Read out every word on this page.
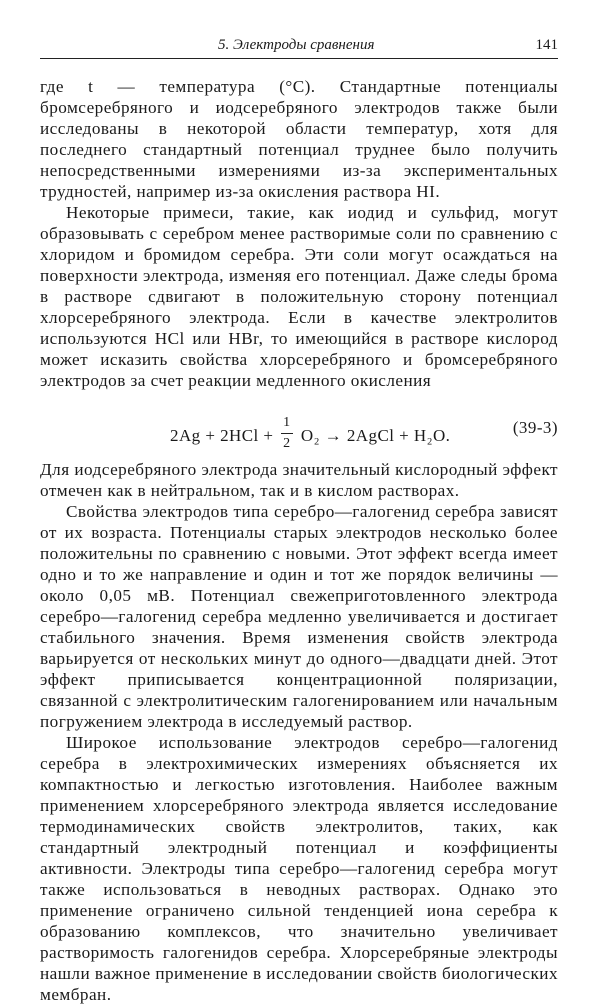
5. Электроды сравнения	141

где t — температура (°C). Стандартные потенциалы бромсеребряного и иодсеребряного электродов также были исследованы в некоторой области температур, хотя для последнего стандартный потенциал труднее было получить непосредственными измерениями из-за экспериментальных трудностей, например из-за окисления раствора HI.

Некоторые примеси, такие, как иодид и сульфид, могут образовывать с серебром менее растворимые соли по сравнению с хлоридом и бромидом серебра. Эти соли могут осаждаться на поверхности электрода, изменяя его потенциал. Даже следы брома в растворе сдвигают в положительную сторону потенциал хлорсеребряного электрода. Если в качестве электролитов используются HCl или HBr, то имеющийся в растворе кислород может исказить свойства хлорсеребряного и бромсеребряного электродов за счет реакции медленного окисления

$2Ag + 2HCl + \frac{1}{2} O_2$ → 2AgCl + H₂O.	(39-3)

Для иодсеребряного электрода значительный кислородный эффект отмечен как в нейтральном, так и в кислом растворах.

Свойства электродов типа серебро—галогенид серебра зависят от их возраста. Потенциалы старых электродов несколько более положительны по сравнению с новыми. Этот эффект всегда имеет одно и то же направление и один и тот же порядок величины — около 0,05 мВ. Потенциал свежеприготовленного электрода серебро—галогенид серебра медленно увеличивается и достигает стабильного значения. Время изменения свойств электрода варьируется от нескольких минут до одного—двадцати дней. Этот эффект приписывается концентрационной поляризации, связанной с электролитическим галогенированием или начальным погружением электрода в исследуемый раствор.

Широкое использование электродов серебро—галогенид серебра в электрохимических измерениях объясняется их компактностью и легкостью изготовления. Наиболее важным применением хлорсеребряного электрода является исследование термодинамических свойств электролитов, таких, как стандартный электродный потенциал и коэффициенты активности. Электроды типа серебро—галогенид серебра могут также использоваться в неводных растворах. Однако это применение ограничено сильной тенденцией иона серебра к образованию комплексов, что значительно увеличивает растворимость галогенидов серебра. Хлорсеребряные электроды нашли важное применение в исследовании свойств биологических мембран.
